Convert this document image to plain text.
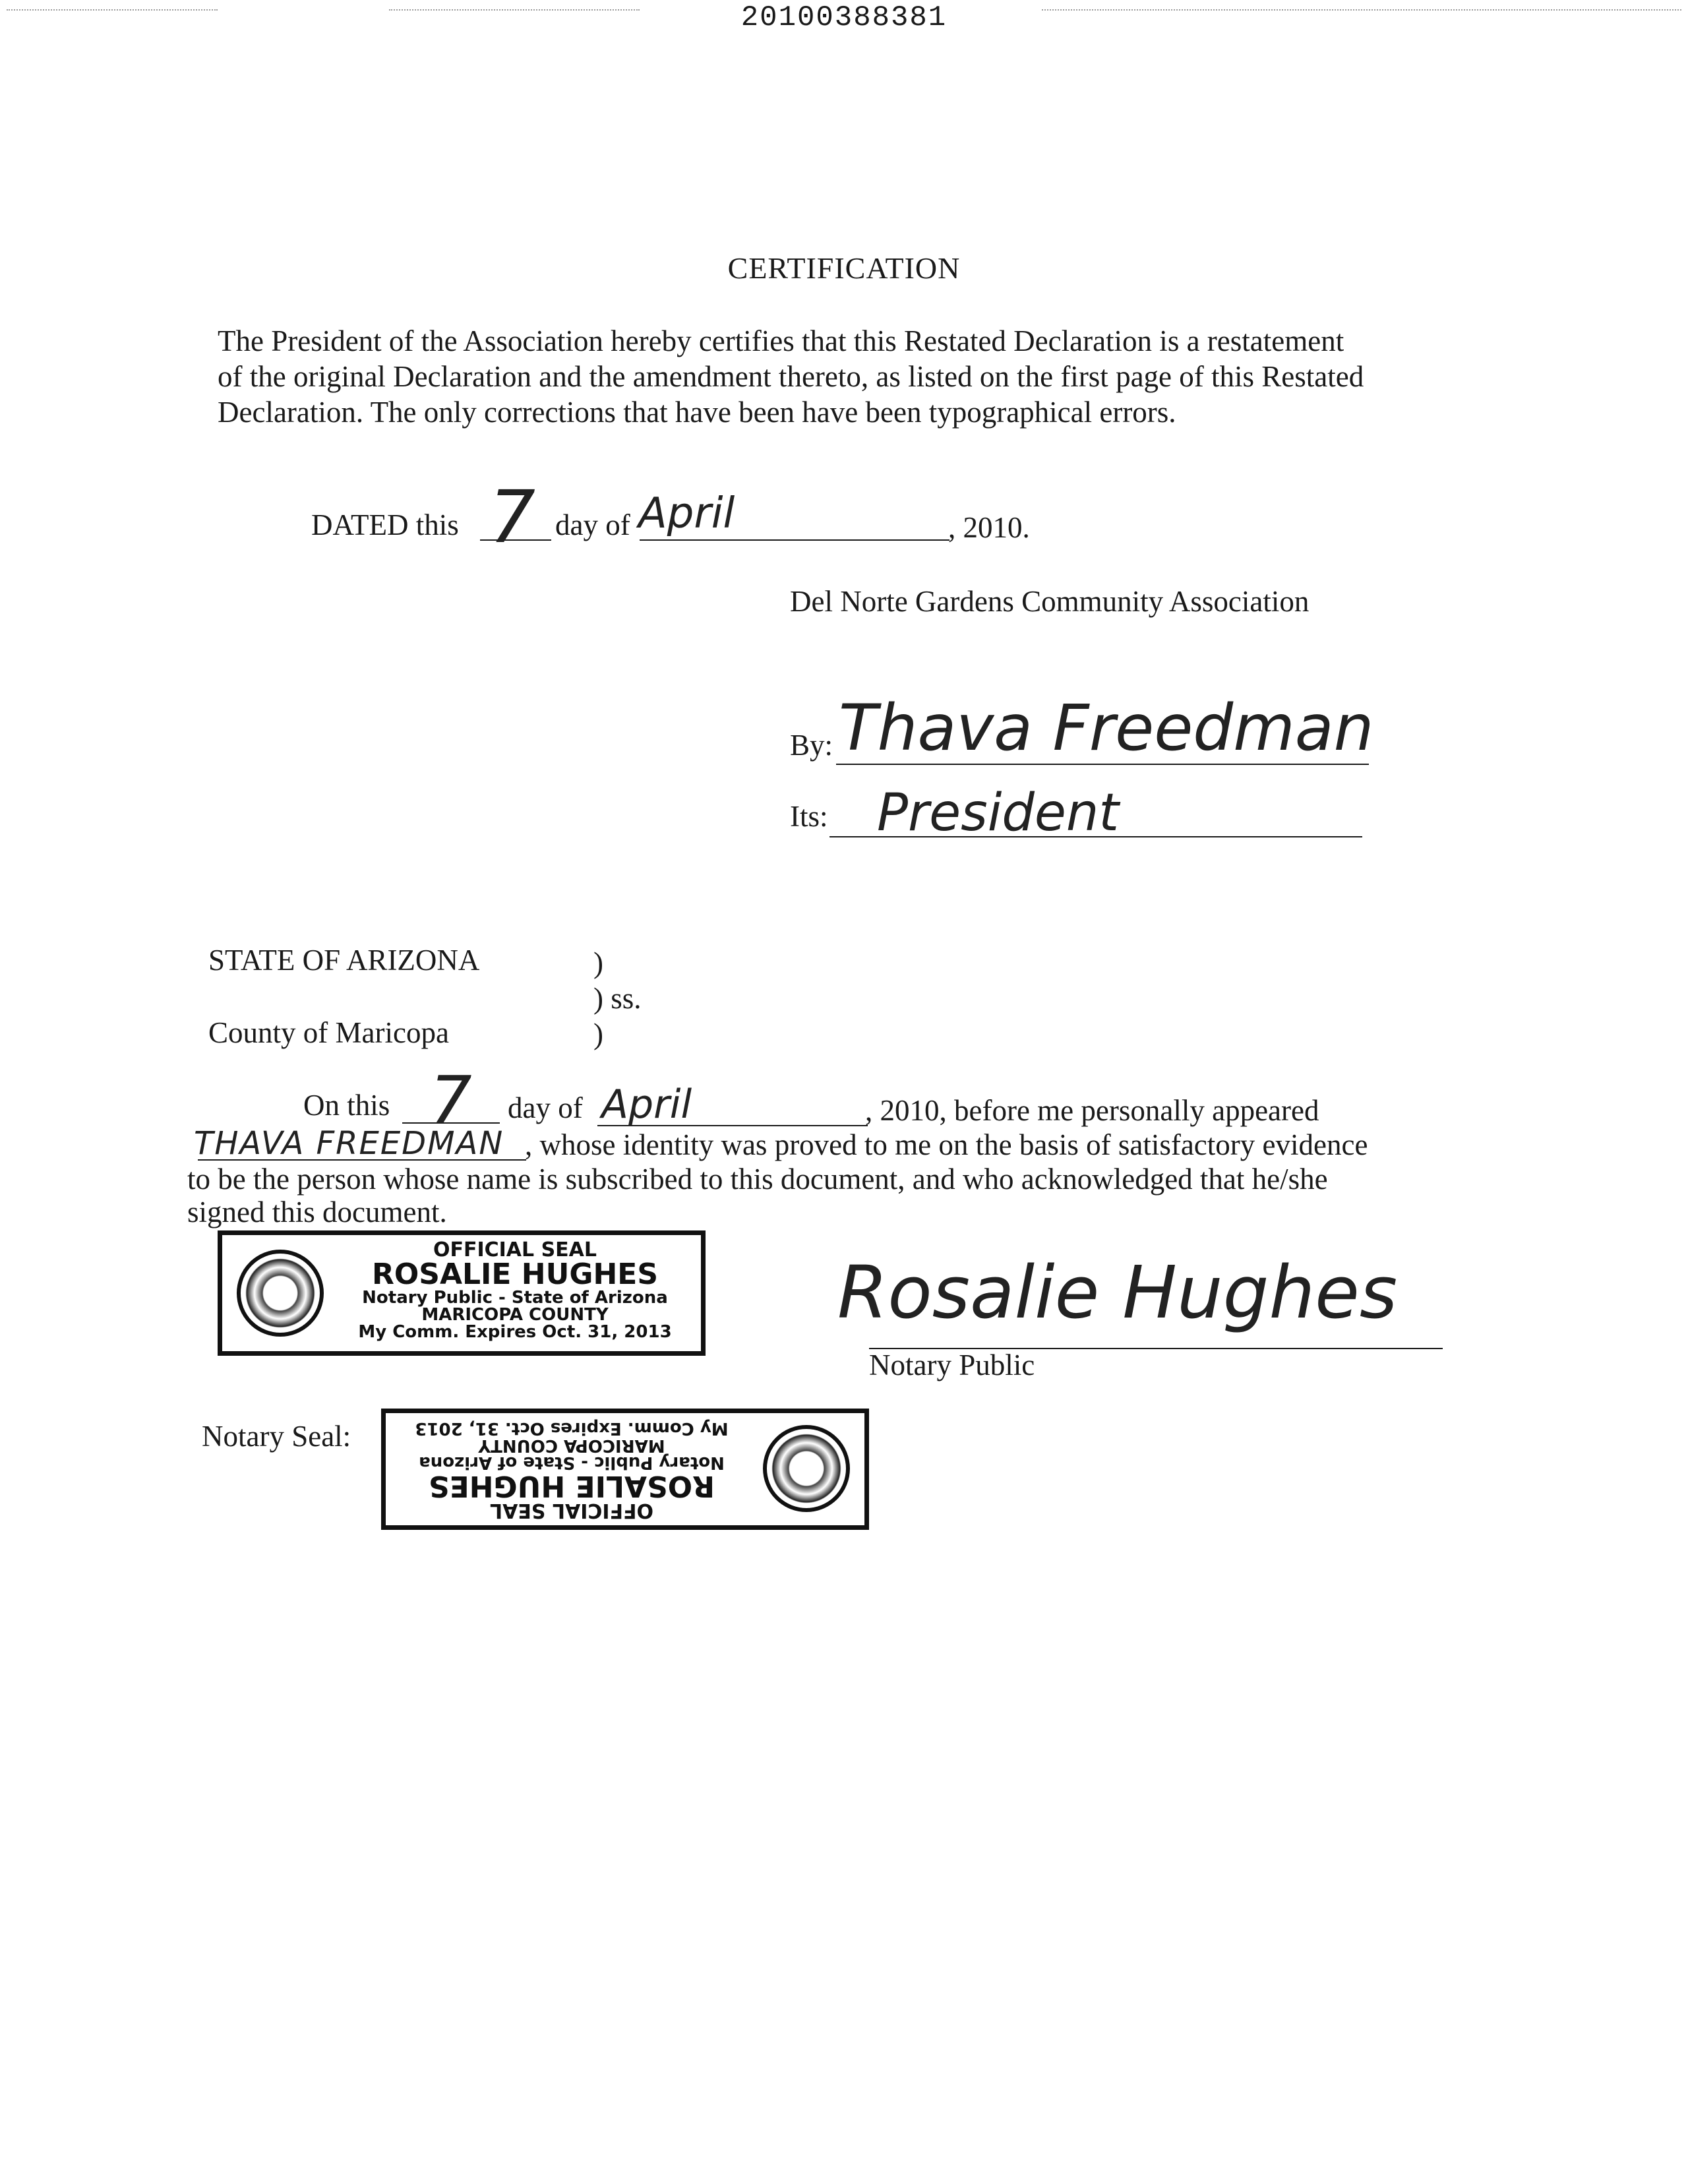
20100388381
CERTIFICATION
The President of the Association hereby certifies that this Restated Declaration is a restatement
of the original Declaration and the amendment thereto, as listed on the first page of this Restated
Declaration. The only corrections that have been have been typographical errors.
DATED this 7 day of April	, 2010.
Del Norte Gardens Community Association
By: Thava Freedman
Its: President
STATE OF ARIZONA	)
) ss.
County of Maricopa	)
On this 7 day of April	, 2010, before me personally appeared
THAVA FREEDMAN , whose identity was proved to me on the basis of satisfactory evidence
to be the person whose name is subscribed to this document, and who acknowledged that he/she
signed this document.
OFFICIAL SEAL
ROSALIE HUGHES
Notary Public - State of Arizona
MARICOPA COUNTY
My Comm. Expires Oct. 31, 2013	Rosalie Hughes
Notary Public
Notary Seal:
OFFICIAL SEAL
ROSALIE HUGHES
Notary Public - State of Arizona
MARICOPA COUNTY
My Comm. Expires Oct. 31, 2013
